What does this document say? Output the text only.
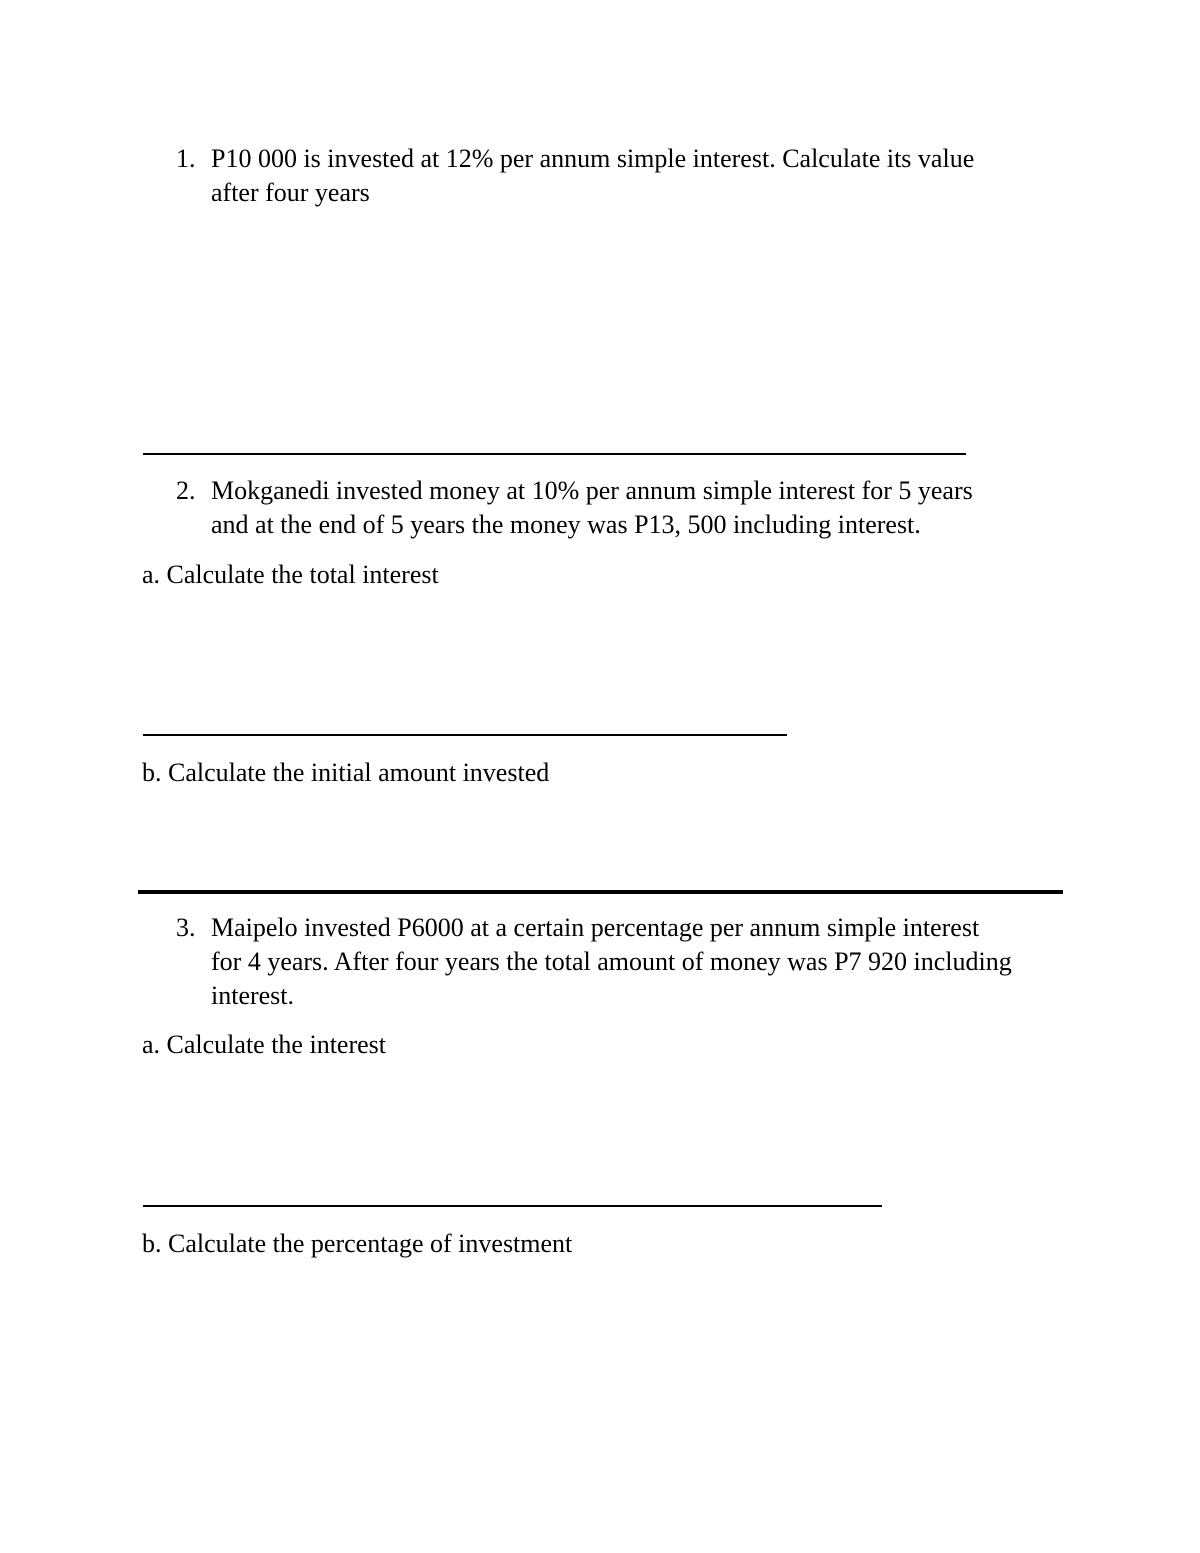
1. P10 000 is invested at 12% per annum simple interest. Calculate its value
after four years
2. Mokganedi invested money at 10% per annum simple interest for 5 years
and at the end of 5 years the money was P13, 500 including interest.
a. Calculate the total interest
b. Calculate the initial amount invested
3. Maipelo invested P6000 at a certain percentage per annum simple interest
for 4 years. After four years the total amount of money was P7 920 including
interest.
a. Calculate the interest
b. Calculate the percentage of investment
